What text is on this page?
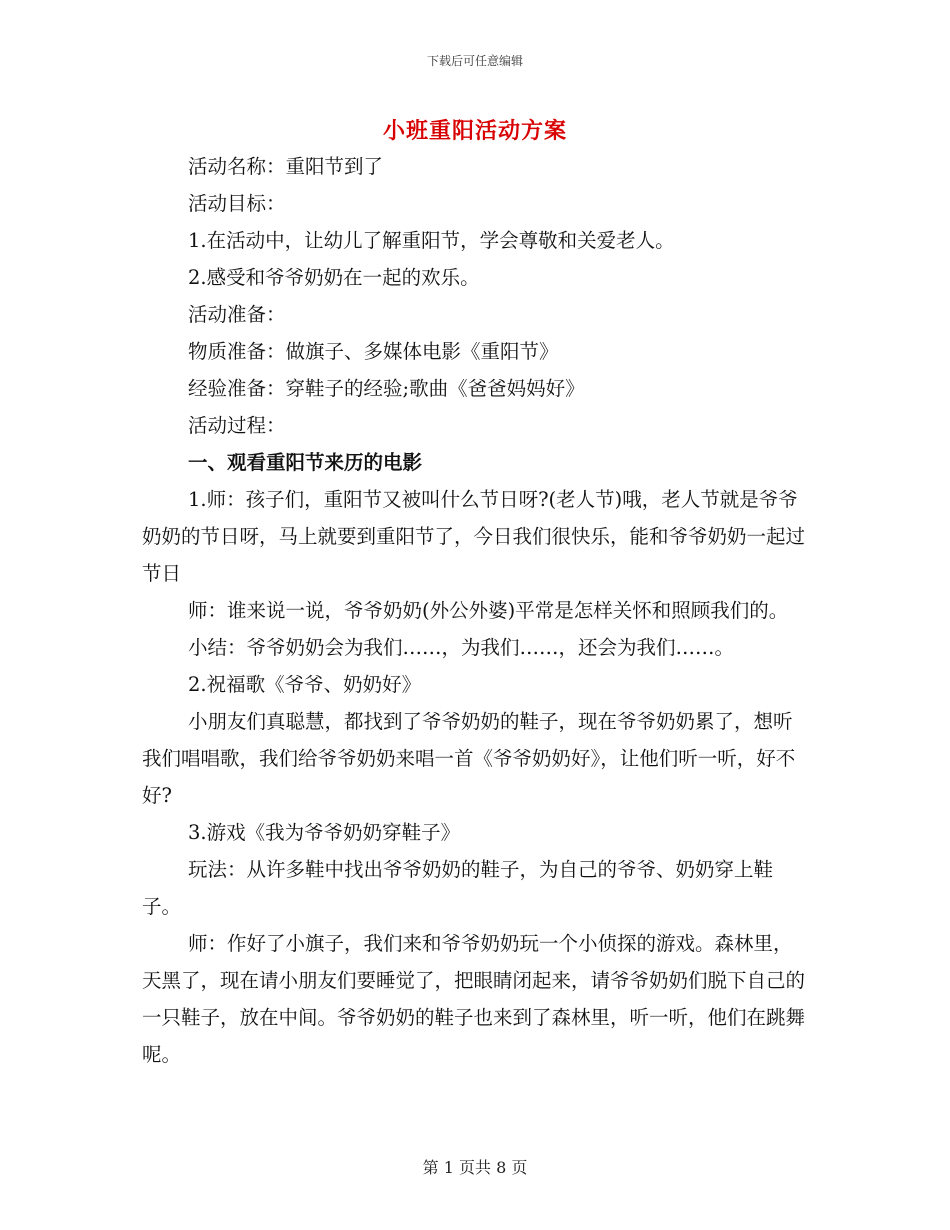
下载后可任意编辑
小班重阳活动方案

活动名称：重阳节到了

活动目标：

1.在活动中，让幼儿了解重阳节，学会尊敬和关爱老人。

2.感受和爷爷奶奶在一起的欢乐。

活动准备：

物质准备：做旗子、多媒体电影《重阳节》

经验准备：穿鞋子的经验;歌曲《爸爸妈妈好》

活动过程：

一、观看重阳节来历的电影

1.师：孩子们，重阳节又被叫什么节日呀?(老人节)哦，老人节就是爷爷奶奶的节日呀，马上就要到重阳节了，今日我们很快乐，能和爷爷奶奶一起过节日

师：谁来说一说，爷爷奶奶(外公外婆)平常是怎样关怀和照顾我们的。

小结：爷爷奶奶会为我们……，为我们……，还会为我们……。

2.祝福歌《爷爷、奶奶好》

小朋友们真聪慧，都找到了爷爷奶奶的鞋子，现在爷爷奶奶累了，想听我们唱唱歌，我们给爷爷奶奶来唱一首《爷爷奶奶好》，让他们听一听，好不好?

3.游戏《我为爷爷奶奶穿鞋子》

玩法：从许多鞋中找出爷爷奶奶的鞋子，为自己的爷爷、奶奶穿上鞋子。

师：作好了小旗子，我们来和爷爷奶奶玩一个小侦探的游戏。森林里，天黑了，现在请小朋友们要睡觉了，把眼睛闭起来，请爷爷奶奶们脱下自己的一只鞋子，放在中间。爷爷奶奶的鞋子也来到了森林里，听一听，他们在跳舞呢。

第 1 页共 8 页
